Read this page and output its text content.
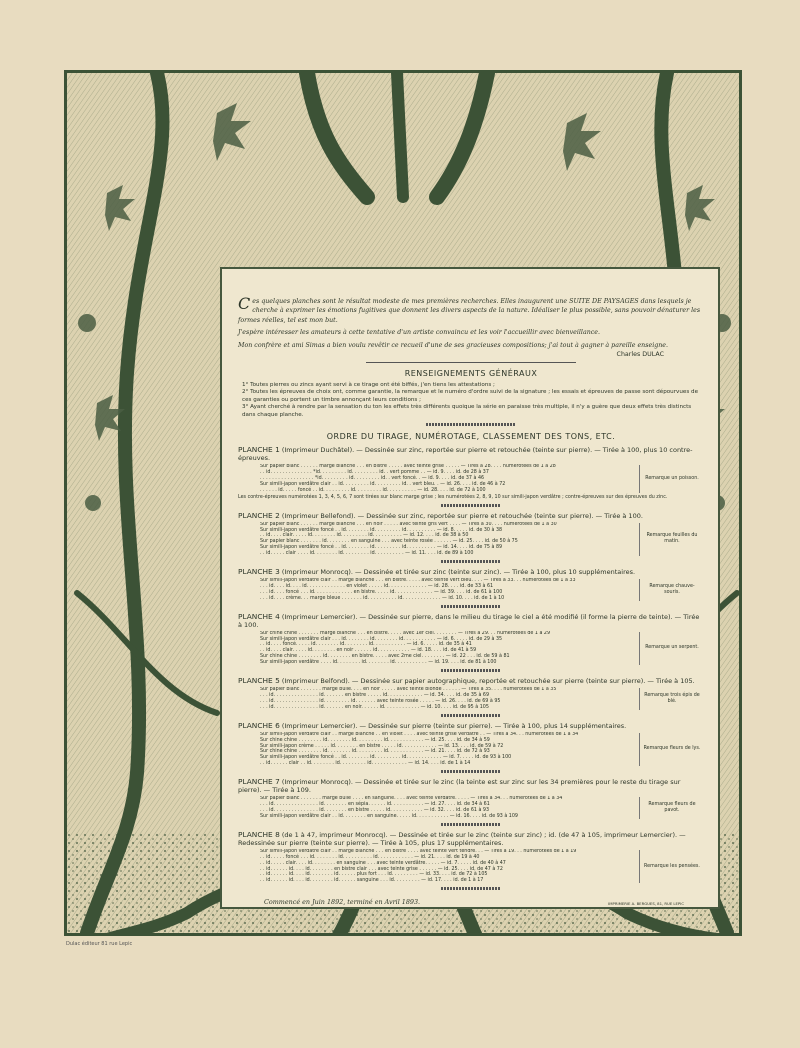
Ces quelques planches sont le résultat modeste de mes premières recherches. Elles inaugurent une SUITE DE PAYSAGES dans lesquels je cherche à exprimer les émotions fugitives que donnent les divers aspects de la nature. Idéaliser le plus possible, sans pouvoir dénaturer les formes réelles, tel est mon but.

J'espère intéresser les amateurs à cette tentative d'un artiste convaincu et les voir l'accueillir avec bienveillance.

Mon confrère et ami Simas a bien voulu revêtir ce recueil d'une de ses gracieuses compositions; j'ai tout à gagner à pareille enseigne.

Charles DULAC
RENSEIGNEMENTS GÉNÉRAUX

1° Toutes pierres ou zincs ayant servi à ce tirage ont été biffés, j'en tiens les attestations ;

2° Toutes les épreuves de choix ont, comme garantie, la remarque et le numéro d'ordre suivi de la signature ; les essais et épreuves de passe sont dépourvues de ces garanties ou portent un timbre annonçant leurs conditions ;

3° Ayant cherché à rendre par la sensation du ton les effets très différents quoique la série en paraisse très multiple, il n'y a guère que deux effets très distincts dans chaque planche.

ORDRE DU TIRAGE, NUMÉROTAGE, CLASSEMENT DES TONS, ETC.
PLANCHE 1 (Imprimeur Duchâtel). — Dessinée sur zinc, reportée sur pierre et retouchée (teinte sur pierre). — Tirée à 100, plus 10 contre-épreuves.
Sur papier blanc . . . . . . marge blanche . . . en bistre . . . . . avec teinte grise . . . . . — Tirés à 28. . . . numérotées de 1 à 28
. . id. . . . . . . . . . . . . . *id. . . . . . . . . id. . . . . . . . . id. . vert pomme . . — id. 9. . . . id. de 28 à 37
. . . . . . . . . . . . . . . . . . *id. . . . . . . . . id. . . . . . . . . id. . vert foncé. . — id. 9. . . . id. de 37 à 46
Sur simili-japon verdâtre clair . . id. . . . . . . . . id. . . . . . . . . id. . vert bleu. . — id. 26. . . . id. de 46 à 72
. . . . . . id. . . . . foncé . . id. . . . . . . . . id. . . . . . . . . id. . . . . . . . . . — id. 28. . . . id. de 72 à 100
Remarque un poisson.
Les contre-épreuves numérotées 1, 3, 4, 5, 6, 7 sont tirées sur blanc marge grise ; les numérotées 2, 8, 9, 10 sur simili-japon verdâtre ; contre-épreuves sur des épreuves du zinc.
PLANCHE 2 (Imprimeur Bellefond). — Dessinée sur zinc, reportée sur pierre et retouchée (teinte sur pierre). — Tirée à 100.
Sur papier blanc . . . . . . marge blanche . . . en noir . . . . . avec teinte gris vert . . . . — Tirés à 30. . . . numérotées de 1 à 30
Sur simili-japon verdâtre foncé . . id. . . . . . . . id. . . . . . . . . id. . . . . . . . . . — id. 8. . . . . id. de 30 à 38
. . id. . . . clair. . . . . id. . . . . . . . id. . . . . . . . . id. . . . . . . . . . — id. 12. . . . id. de 38 à 50
Sur papier blanc . . . . . . . id. . . . . . . . en sanguine . . . avec teinte rosée . . . . . . — id. 25. . . . id. de 50 à 75
Sur simili-japon verdâtre foncé . . id. . . . . . . . id. . . . . . . . . id. . . . . . . . . . — id. 14. . . . id. de 75 à 89
. . id. . . . . clair . . . . id. . . . . . . . id. . . . . . . . . id. . . . . . . . . . — id. 11. . . . id. de 89 à 100
Remarque feuilles du matin.
PLANCHE 3 (Imprimeur Monrocq). — Dessinée et tirée sur zinc (teinte sur zinc). — Tirée à 100, plus 10 supplémentaires.
Sur simili-japon verdâtre clair . . marge blanche . . . en bistre. . . . . avec teinte vert bleu. . . . — Tirés à 33. . . numérotées de 1 à 33
. . . id. . . . id. . . . id. . . . . . . . . . . . . en violet . . . . . id. . . . . . . . . . . . . — id. 28. . . . id. de 33 à 61
. . . id. . . . foncé . . . id. . . . . . . . . . . . . en bistre. . . . . id. . . . . . . . . . . . . — id. 39. . . . id. de 61 à 100
. . . id. . . . crème. . . marge bleue . . . . . . . id. . . . . . . . . . id. . . . . . . . . . . . . — id. 10. . . . id. de 1 à 10
Remarque chauve-souris.
PLANCHE 4 (Imprimeur Lemercier). — Dessinée sur pierre, dans le milieu du tirage le ciel a été modifié (il forme la pierre de teinte). — Tirée à 100.
Sur chine chine . . . . . . . marge blanche . . . en bistre. . . . . avec 1er ciel. . . . . . . . — Tirés à 29. . . numérotées de 1 à 29
Sur simili-japon verdâtre clair . . . id. . . . . . . . id. . . . . . . . id. . . . . . . . . . . — id. 6. . . . . id. de 29 à 35
. . id. . . . foncé. . . . . id. . . . . . . . id. . . . . . . . id. . . . . . . . . . . — id. 6. . . . . id. de 35 à 41
. . id. . . . clair. . . . . id. . . . . . . . en noir . . . . . . id. . . . . . . . . . . — id. 18. . . . id. de 41 à 59
Sur chine chine . . . . . . . . id. . . . . . . . en bistre. . . . . avec 2me ciel. . . . . . . . — id. 22 . . . id. de 59 à 81
Sur simili-japon verdâtre . . . . id. . . . . . . . id. . . . . . . . id. . . . . . . . . . . — id. 19. . . . id. de 81 à 100
Remarque un serpent.
PLANCHE 5 (Imprimeur Belfond). — Dessinée sur papier autographique, reportée et retouchée sur pierre (teinte sur pierre). — Tirée à 105.
Sur papier blanc . . . . . . . marge bulle. . . . en noir . . . . . avec teinte blonde . . . . . . — Tirés à 35. . . . numérotées de 1 à 35
. . . id. . . . . . . . . . . . . . . id. . . . . . . en bistre . . . . . id. . . . . . . . . . . . — id. 34. . . . id. de 35 à 69
. . . id. . . . . . . . . . . . . . . id. . . . . . . . . id. . . . . . . avec teinte rosée . . . . . — id. 26. . . . id. de 69 à 95
. . . id. . . . . . . . . . . . . . . id. . . . . . . en noir. . . . . . id. . . . . . . . . . . . — id. 10. . . . id. de 95 à 105
Remarque trois épis de blé.
PLANCHE 6 (Imprimeur Lemercier). — Dessinée sur pierre (teinte sur pierre). — Tirée à 100, plus 14 supplémentaires.
Sur simili-japon verdâtre clair . . marge blanche . . en violet . . . . avec teinte grise verdâtre . . — Tirés à 34. . . numérotées de 1 à 34
Sur chine chine . . . . . . . . id. . . . . . . . id. . . . . . . . . id. . . . . . . . . . . . — id. 25. . . . id. de 34 à 59
Sur simili-japon crème . . . . . id. . . . . . . . en bistre . . . . . id. . . . . . . . . . . . — id. 13. . . . id. de 59 à 72
Sur chine chine . . . . . . . . id. . . . . . . . id. . . . . . . . . id. . . . . . . . . . . . — id. 21. . . . id. de 72 à 93
Sur simili-japon verdâtre foncé . . id. . . . . . . . id. . . . . . . . . id. . . . . . . . . . . . — id. 7. . . . . id. de 93 à 100
. . id. . . . . . clair . . id. . . . . . . . id. . . . . . . . . id. . . . . . . . . . . . — id. 14. . . . id. de 1 à 14
Remarque fleurs de lys.
PLANCHE 7 (Imprimeur Monrocq). — Dessinée et tirée sur le zinc (la teinte est sur zinc sur les 34 premières pour le reste du tirage sur pierre). — Tirée à 109.
Sur papier blanc . . . . . . . marge bulle . . . . en sanguine. . . . avec teinte verdâtre. . . . . — Tirés à 34. . . numérotées de 1 à 34
. . . id. . . . . . . . . . . . . . . id. . . . . . . . en sépia. . . . . . id. . . . . . . . . . . — id. 27. . . . id. de 34 à 61
. . . id. . . . . . . . . . . . . . . id. . . . . . . . en bistre . . . . . id. . . . . . . . . . . — id. 32. . . . id. de 61 à 93
Sur simili-japon verdâtre clair . . id. . . . . . . . en sanguine. . . . . id. . . . . . . . . . . — id. 16. . . . id. de 93 à 109
Remarque fleurs de pavot.
PLANCHE 8 (de 1 à 47, imprimeur Monrocq). — Dessinée et tirée sur le zinc (teinte sur zinc) ; id. (de 47 à 105, imprimeur Lemercier). — Redessinée sur pierre (teinte sur pierre). — Tirée à 105, plus 17 supplémentaires.
Sur simili-japon verdâtre clair . . marge blanche . . . en bistre . . . . avec teinte vert tendre. . . — Tirés à 19. . . numérotées de 1 à 19
. . id. . . . . foncé . . . id. . . . . . . . id. . . . . . . . . . id. . . . . . . . . . . . — id. 21. . . . id. de 19 à 40
. . id. . . . . clair. . . . id. . . . . . . . en sanguine . . . avec teinte verdâtre. . . . . — id. 7. . . . . id. de 40 à 47
. . id. . . . . . id. . . . id. . . . . . . . en bistre clair . . . avec teinte grise . . . . . . — id. 25. . . . id. de 47 à 72
. . id. . . . . . id. . . . id. . . . . . . . id. . . . . . plus fort . . . id. . . . . . . . . — id. 33. . . . id. de 72 à 105
. . id. . . . . . id. . . . id. . . . . . . . id. . . . . . sanguine . . . id. . . . . . . . . — id. 17. . . . id. de 1 à 17
Remarque les pensées.
Commencé en Juin 1892, terminé en Avril 1893.	IMPRIMERIE A. BERGUES, 81, RUE LEPIC
Dulac éditeur 81 rue Lepic
